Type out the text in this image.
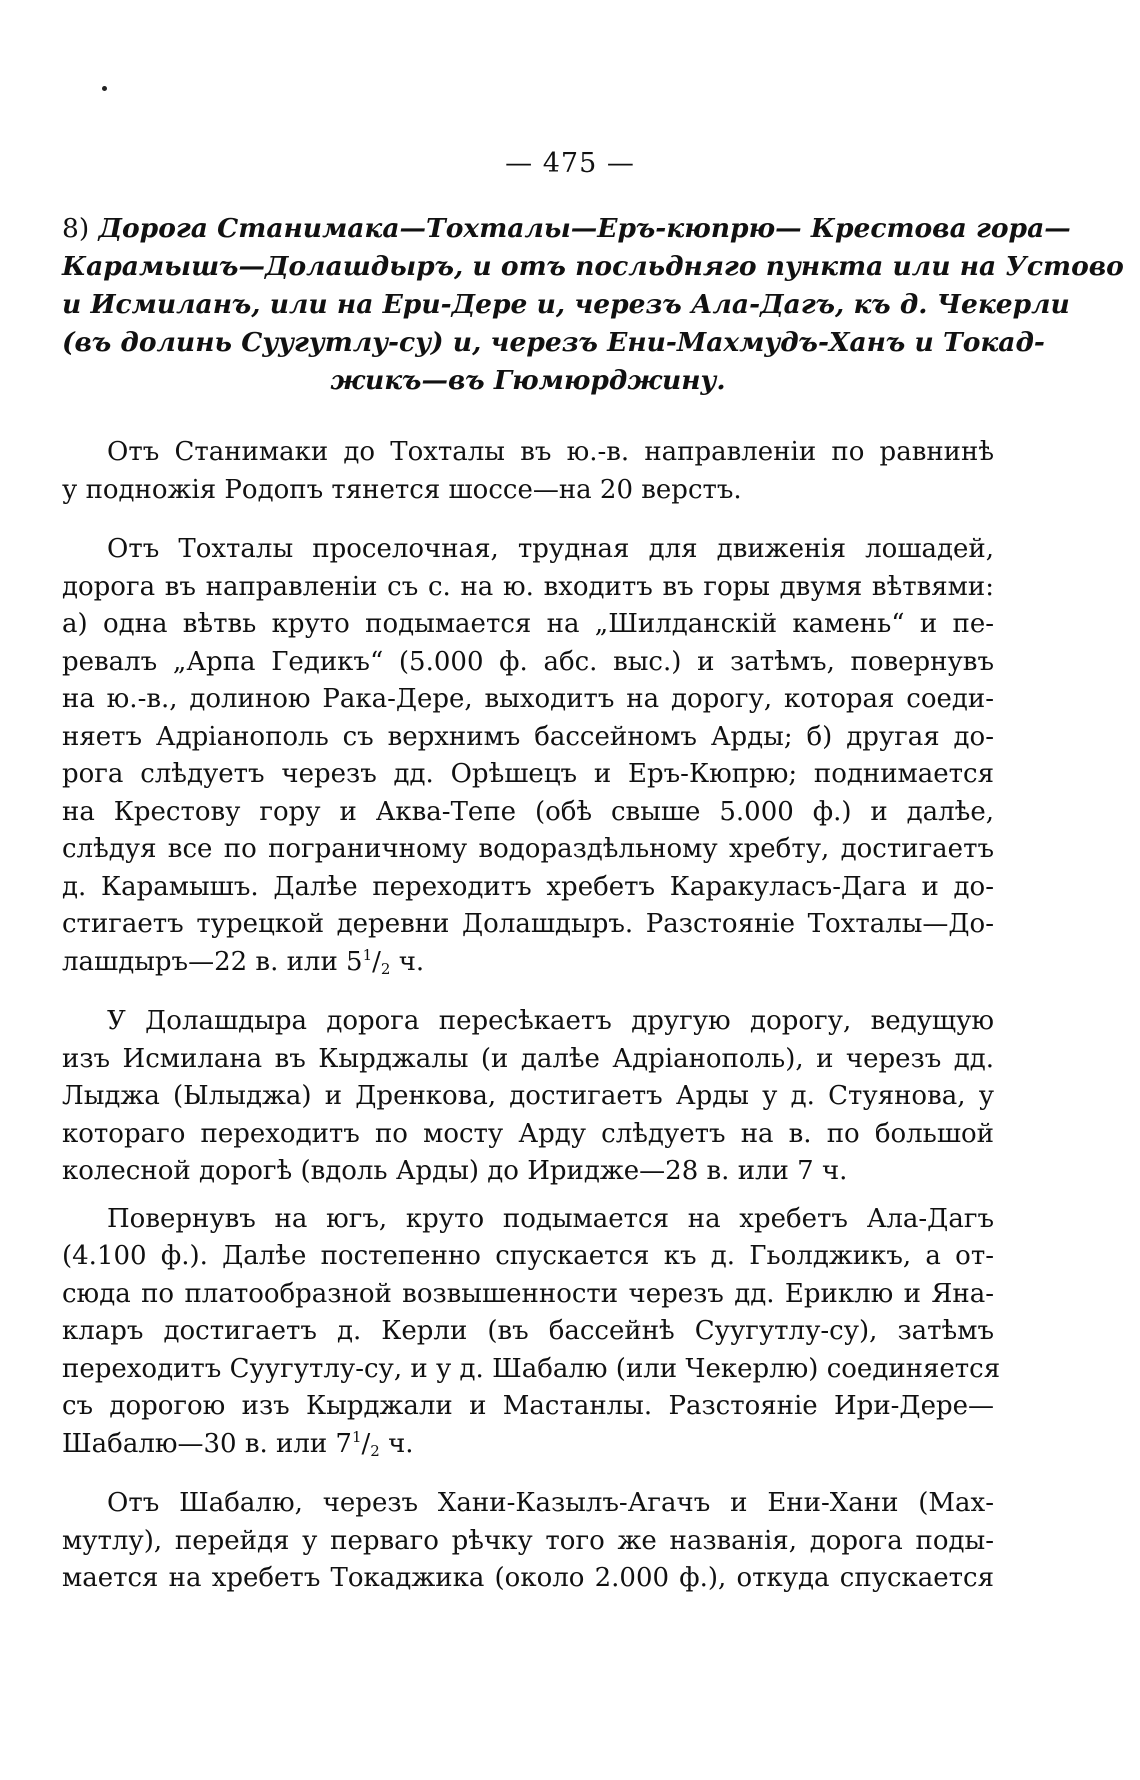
— 475 —
8) Дорога Станимака—Тохталы—Еръ-кюпрю— Крестова гора—
Карамышъ—Долашдыръ, и отъ посльдняго пункта или на Устово
и Исмиланъ, или на Ери-Дере и, черезъ Ала-Дагъ, къ д. Чекерли
(въ долинь Суугутлу-су) и, черезъ Ени-Махмудъ-Ханъ и Токад-
жикъ—въ Гюмюрджину.
Отъ Станимаки до Тохталы въ ю.-в. направленіи по равнинѣ
у подножія Родопъ тянется шоссе—на 20 верстъ.
Отъ Тохталы проселочная, трудная для движенія лошадей,
дорога въ направленіи съ с. на ю. входитъ въ горы двумя вѣтвями:
а) одна вѣтвь круто подымается на „Шилданскій камень“ и пе-
ревалъ „Арпа Гедикъ“ (5.000 ф. абс. выс.) и затѣмъ, повернувъ
на ю.-в., долиною Рака-Дере, выходитъ на дорогу, которая соеди-
няетъ Адріанополь съ верхнимъ бассейномъ Арды; б) другая до-
рога слѣдуетъ черезъ дд. Орѣшецъ и Еръ-Кюпрю; поднимается
на Крестову гору и Аква-Тепе (обѣ свыше 5.000 ф.) и далѣе,
слѣдуя все по пограничному водораздѣльному хребту, достигаетъ
д. Карамышъ. Далѣе переходитъ хребетъ Каракуласъ-Дага и до-
стигаетъ турецкой деревни Долашдыръ. Разстояніе Тохталы—До-
лашдыръ—22 в. или $5^1/_2$ ч.
У Долашдыра дорога пересѣкаетъ другую дорогу, ведущую
изъ Исмилана въ Кырджалы (и далѣе Адріанополь), и черезъ дд.
Лыджа (Ылыджа) и Дренкова, достигаетъ Арды у д. Стуянова, у
котораго переходитъ по мосту Арду слѣдуетъ на в. по большой
колесной дорогѣ (вдоль Арды) до Иридже—28 в. или 7 ч.
Повернувъ на югъ, круто подымается на хребетъ Ала-Дагъ
(4.100 ф.). Далѣе постепенно спускается къ д. Гьолджикъ, а от-
сюда по платообразной возвышенности черезъ дд. Ериклю и Яна-
кларъ достигаетъ д. Керли (въ бассейнѣ Суугутлу-су), затѣмъ
переходитъ Суугутлу-су, и у д. Шабалю (или Чекерлю) соединяется
съ дорогою изъ Кырджали и Мастанлы. Разстояніе Ири-Дере—
Шабалю—30 в. или $7^1/_2$ ч.
Отъ Шабалю, черезъ Хани-Казылъ-Агачъ и Ени-Хани (Мах-
мутлу), перейдя у перваго рѣчку того же названія, дорога поды-
мается на хребетъ Токаджика (около 2.000 ф.), откуда спускается
